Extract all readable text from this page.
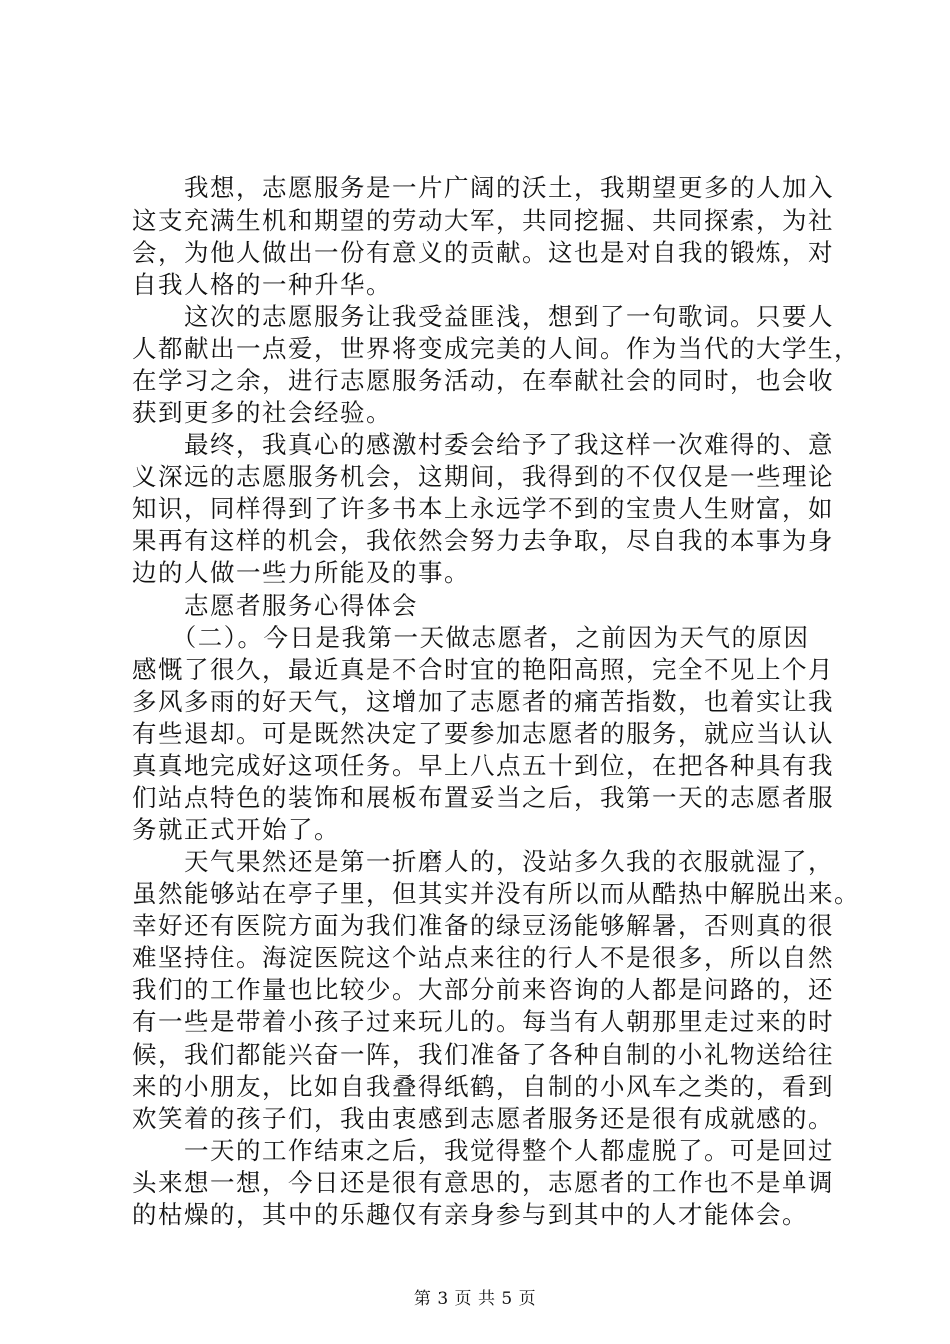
　　我想，志愿服务是一片广阔的沃土，我期望更多的人加入
这支充满生机和期望的劳动大军，共同挖掘、共同探索，为社
会，为他人做出一份有意义的贡献。这也是对自我的锻炼，对
自我人格的一种升华。
　　这次的志愿服务让我受益匪浅，想到了一句歌词。只要人
人都献出一点爱，世界将变成完美的人间。作为当代的大学生，
在学习之余，进行志愿服务活动，在奉献社会的同时，也会收
获到更多的社会经验。
　　最终，我真心的感激村委会给予了我这样一次难得的、意
义深远的志愿服务机会，这期间，我得到的不仅仅是一些理论
知识，同样得到了许多书本上永远学不到的宝贵人生财富，如
果再有这样的机会，我依然会努力去争取，尽自我的本事为身
边的人做一些力所能及的事。
　　志愿者服务心得体会
　　（二）。今日是我第一天做志愿者，之前因为天气的原因
感慨了很久，最近真是不合时宜的艳阳高照，完全不见上个月
多风多雨的好天气，这增加了志愿者的痛苦指数，也着实让我
有些退却。可是既然决定了要参加志愿者的服务，就应当认认
真真地完成好这项任务。早上八点五十到位，在把各种具有我
们站点特色的装饰和展板布置妥当之后，我第一天的志愿者服
务就正式开始了。
　　天气果然还是第一折磨人的，没站多久我的衣服就湿了，
虽然能够站在亭子里，但其实并没有所以而从酷热中解脱出来。
幸好还有医院方面为我们准备的绿豆汤能够解暑，否则真的很
难坚持住。海淀医院这个站点来往的行人不是很多，所以自然
我们的工作量也比较少。大部分前来咨询的人都是问路的，还
有一些是带着小孩子过来玩儿的。每当有人朝那里走过来的时
候，我们都能兴奋一阵，我们准备了各种自制的小礼物送给往
来的小朋友，比如自我叠得纸鹤，自制的小风车之类的，看到
欢笑着的孩子们，我由衷感到志愿者服务还是很有成就感的。
　　一天的工作结束之后，我觉得整个人都虚脱了。可是回过
头来想一想，今日还是很有意思的，志愿者的工作也不是单调
的枯燥的，其中的乐趣仅有亲身参与到其中的人才能体会。
第 3 页 共 5 页
